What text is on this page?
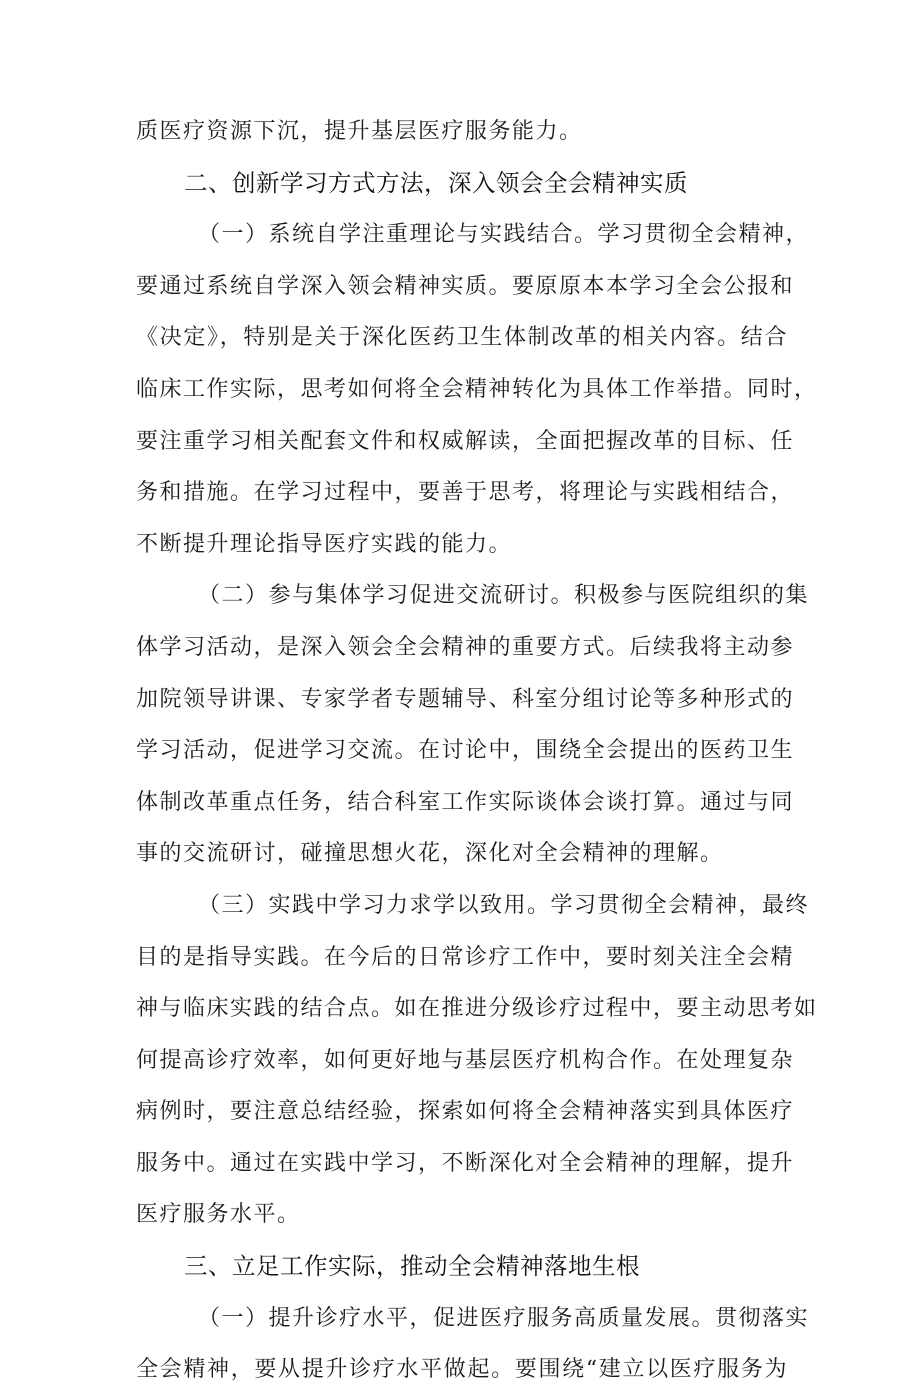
质医疗资源下沉，提升基层医疗服务能力。
二、创新学习方式方法，深入领会全会精神实质
（一）系统自学注重理论与实践结合。学习贯彻全会精神，
要通过系统自学深入领会精神实质。要原原本本学习全会公报和
《决定》，特别是关于深化医药卫生体制改革的相关内容。结合
临床工作实际，思考如何将全会精神转化为具体工作举措。同时，
要注重学习相关配套文件和权威解读，全面把握改革的目标、任
务和措施。在学习过程中，要善于思考，将理论与实践相结合，
不断提升理论指导医疗实践的能力。
（二）参与集体学习促进交流研讨。积极参与医院组织的集
体学习活动，是深入领会全会精神的重要方式。后续我将主动参
加院领导讲课、专家学者专题辅导、科室分组讨论等多种形式的
学习活动，促进学习交流。在讨论中，围绕全会提出的医药卫生
体制改革重点任务，结合科室工作实际谈体会谈打算。通过与同
事的交流研讨，碰撞思想火花，深化对全会精神的理解。
（三）实践中学习力求学以致用。学习贯彻全会精神，最终
目的是指导实践。在今后的日常诊疗工作中，要时刻关注全会精
神与临床实践的结合点。如在推进分级诊疗过程中，要主动思考如
何提高诊疗效率，如何更好地与基层医疗机构合作。在处理复杂
病例时，要注意总结经验，探索如何将全会精神落实到具体医疗
服务中。通过在实践中学习，不断深化对全会精神的理解，提升
医疗服务水平。
三、立足工作实际，推动全会精神落地生根
（一）提升诊疗水平，促进医疗服务高质量发展。贯彻落实
全会精神，要从提升诊疗水平做起。要围绕“建立以医疗服务为
